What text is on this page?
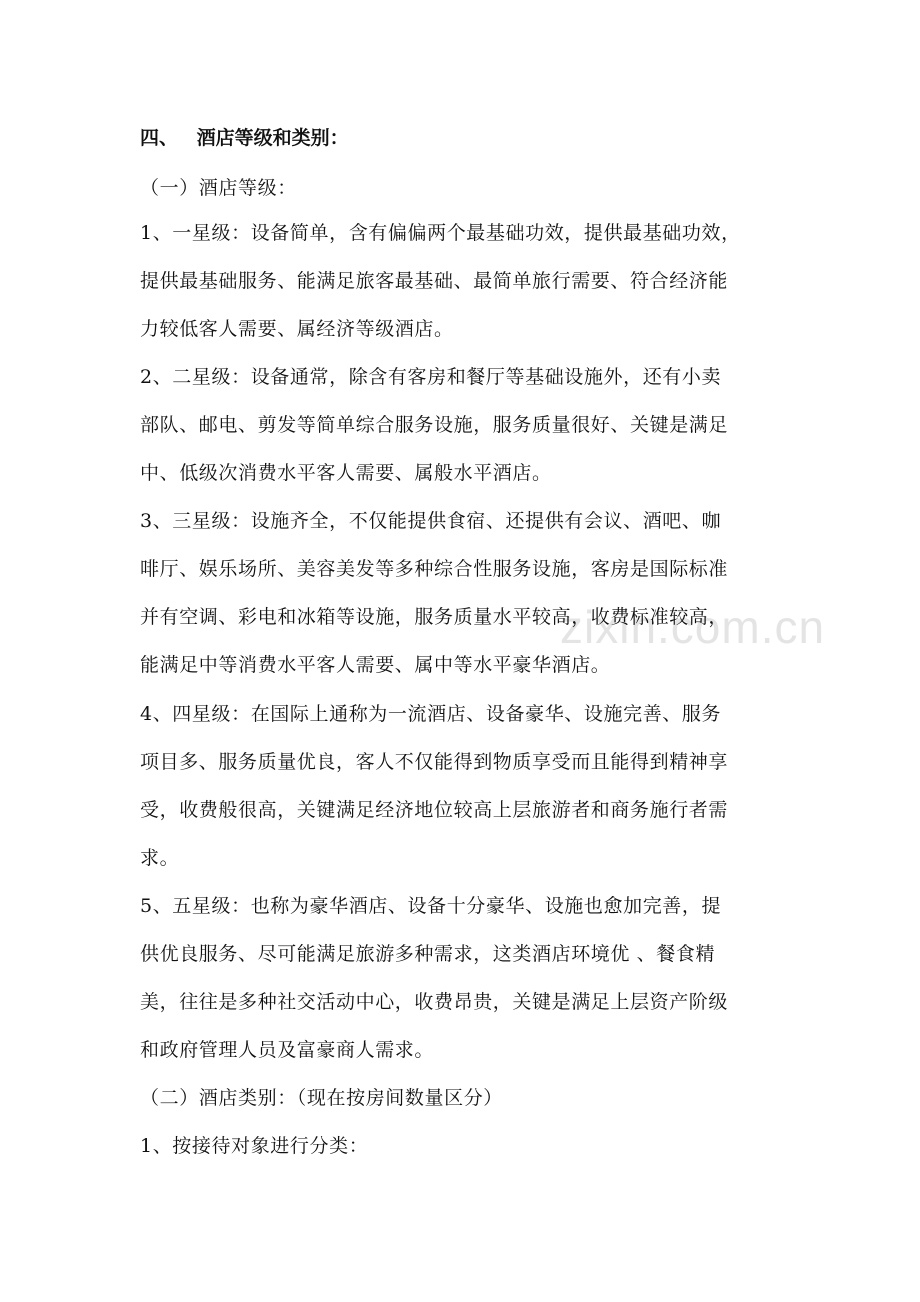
zixin.com.cn
四、 酒店等级和类别：
（一）酒店等级：
1、一星级：设备简单，含有偏偏两个最基础功效，提供最基础功效，
提供最基础服务、能满足旅客最基础、最简单旅行需要、符合经济能
力较低客人需要、属经济等级酒店。
2、二星级：设备通常，除含有客房和餐厅等基础设施外，还有小卖
部队、邮电、剪发等简单综合服务设施，服务质量很好、关键是满足
中、低级次消费水平客人需要、属般水平酒店。
3、三星级：设施齐全，不仅能提供食宿、还提供有会议、酒吧、咖
啡厅、娱乐场所、美容美发等多种综合性服务设施，客房是国际标准
并有空调、彩电和冰箱等设施，服务质量水平较高，收费标准较高，
能满足中等消费水平客人需要、属中等水平豪华酒店。
4、四星级：在国际上通称为一流酒店、设备豪华、设施完善、服务
项目多、服务质量优良，客人不仅能得到物质享受而且能得到精神享
受，收费般很高，关键满足经济地位较高上层旅游者和商务施行者需
求。
5、五星级：也称为豪华酒店、设备十分豪华、设施也愈加完善，提
供优良服务、尽可能满足旅游多种需求，这类酒店环境优 、餐食精
美，往往是多种社交活动中心，收费昂贵，关键是满足上层资产阶级
和政府管理人员及富豪商人需求。
（二）酒店类别：（现在按房间数量区分）
1、按接待对象进行分类：
